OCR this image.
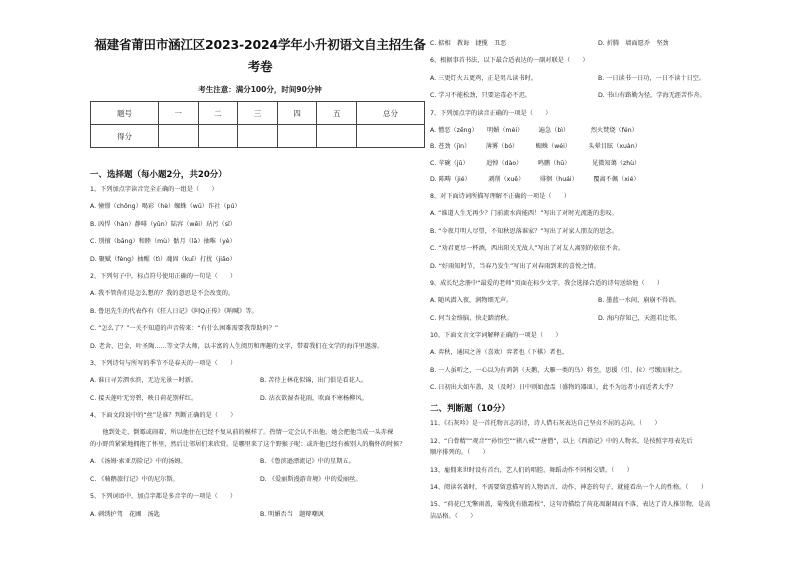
福建省莆田市涵江区2023-2024学年小升初语文自主招生备
考卷
考生注意：满分100分，时间90分钟
题号	一	二	三	四	五	总分
得分						
一、选择题（每小题2分，共20分）
1、下列加点字读音完全正确的一组是（　　）
A. 憧憬（chōng）喝彩（hè）蜘蛛（wū）诈社（pú）
B. 凶悍（hàn）静啡（yūn）陆容（wēi）玷污（sī）
C. 别擅（bāng）和睦（mù）骷月（lā）抽唯（yè）
D. 聚赋（fèng）抽醒（tì）魂固（kuī）打扰（jiǎo）
2、下列句子中，标点符号使用正确的一句是（　　）
A. 我不管你们是怎么想的？我的意思是不会改变的。
B. 鲁迅先生的代表作有《狂人日记》《阿Q正传》《呐喊》等。
C. “怎么了？”一关不知道的声音传来：“有什么困难需要我帮助吗？”
D. 老舍，巴金，叶圣陶……等文学大师，以丰富的人生阅历和理趣的文字，带着我们在文学的海洋里遨游。
3、下列诗句与所写的季节不是春天的一项是（　　）
A. 谁日寻芳泗水滨，无边光景一时新。	B. 苦待上林花似锦，出门俱是看花人。
C. 接天莲叶无穷碧，映日荷花别样红。	D. 沾衣欲湿杏花雨，吹面不寒杨柳风。
4、下面文段说中的“丝”是谁？判断正确的是（　　）
　　他到处走，倒霉或闹着，所以他住在已经不复从前的模样了。热情一定会认不出他，她会把他当成一头赤裸
的小野兽紧紧地拥抱了怀里，然后让邻居们来欣赏。是哪里来了这个野猴子呢：或许他已经有被别人的胸怀的时候？
A. 《汤姆·索亚历险记》中的汤姆。	B. 《鲁滨逊漂流记》中的星期五。
C. 《骑鹅旅行记》中的尼尔斯。	D. 《爱丽斯漫游奇境》中的爱丽丝。
5、下列词语中，加点字都是多音字的一项是（　　）
A. 刺绣护驾　花圃　汤匙	B. 明媚否当　题辩嘲讽
C. 掂相　教诲　捷揽　丑恶	D. 折腾　墙面愿乔　坚劲
6、根据事首书法，以下最合适表达的一副对联是（　　）
A. 三更灯火五更鸡，正是男儿读书时。	B. 一日读书一日功，一日不读十日空。
C. 学习不能松劲，只要运毒必不迟。	D. 书山有路勤为径，学海无涯苦作舟。
7、下列加点字的读音正确的一项是（　　）
A. 憎恶（zēng）　　明媚（mèi）　　　遍急（bì）　　　　烈火焚烧（fén）
B. 苍劲（jìn）　　　薄雾（bó）　　　 蜘蛛（wéi）　　　 头晕目眩（xuàn）
C. 苹碗（jū）　　　 追悼（dào）　　　鸣鹏（hū）　　　　见微知蔼（zhù）
D. 陈畴（jié）　　　 剥削（xuē）　　　徘徊（huái）　　　覆离不佩（xié）
8、对下面诗词所描写理解不正确的一项是（　　）
A. “谁道人生无再少？门前流水尚能西！”写出了对时光流逝的悲叹。
B. “今夜月明人尽望，不知秋思落谁家？”写出了对家人朋友的思念。
C. “劝君更尽一杯酒，西出阳关无故人”写出了对友人离别的依依不舍。
D. “好雨知时节，当春乃发生”写出了对春雨到来的喜悦之情。
9、成长纪念册中“最爱的老师”页面在标少文字，我会选择合适的诗句送给他（　　）
A. 随风潜入夜，润物细无声。	B. 墨蓝一水间，崩崩不得语。
C. 何当金络脑，快走踏清秋。	D. 海内存知己，天涯若比邻。
10、下面文言文字词解释正确的一项是（　　）
A. 弈秋，通国之善（喜欢）弈者也（下棋）者也。
B. 一人虽听之，一心以为有鸿鹄（天鹅、大雁一类的鸟）将至，思援（引、拉）弓缴而射之。
C. 日初出大如车盖，及（及时）日中则如盘盂（盛物的器皿），此不为远者小而近者大乎？
二、判断题（10分）
11、《石灰吟》是一首托物言志的诗，诗人借石灰表达自己坚贞不屈的志向。（　　）
12、“白骨精”“观音”“孙悟空”“猪八戒”“唐僧”，以上《西游记》中的人物名，是按照字母表先后
顺序排列的。（　　）
13、雇佣来世时设有首台，艺人们的唱腔、舞蹈动作不同相交错。（　　）
14、阅读名著时，不需要留意描写的人物语言、动作、神态的句子，就能看出一个人的性格。（　　）
15、“荷花已无擎雨盖，菊残犹有傲霜枝”，这句诗描绘了荷花凋谢凋而不落，表达了诗人推崇物，是高
洁品格。（　　）
